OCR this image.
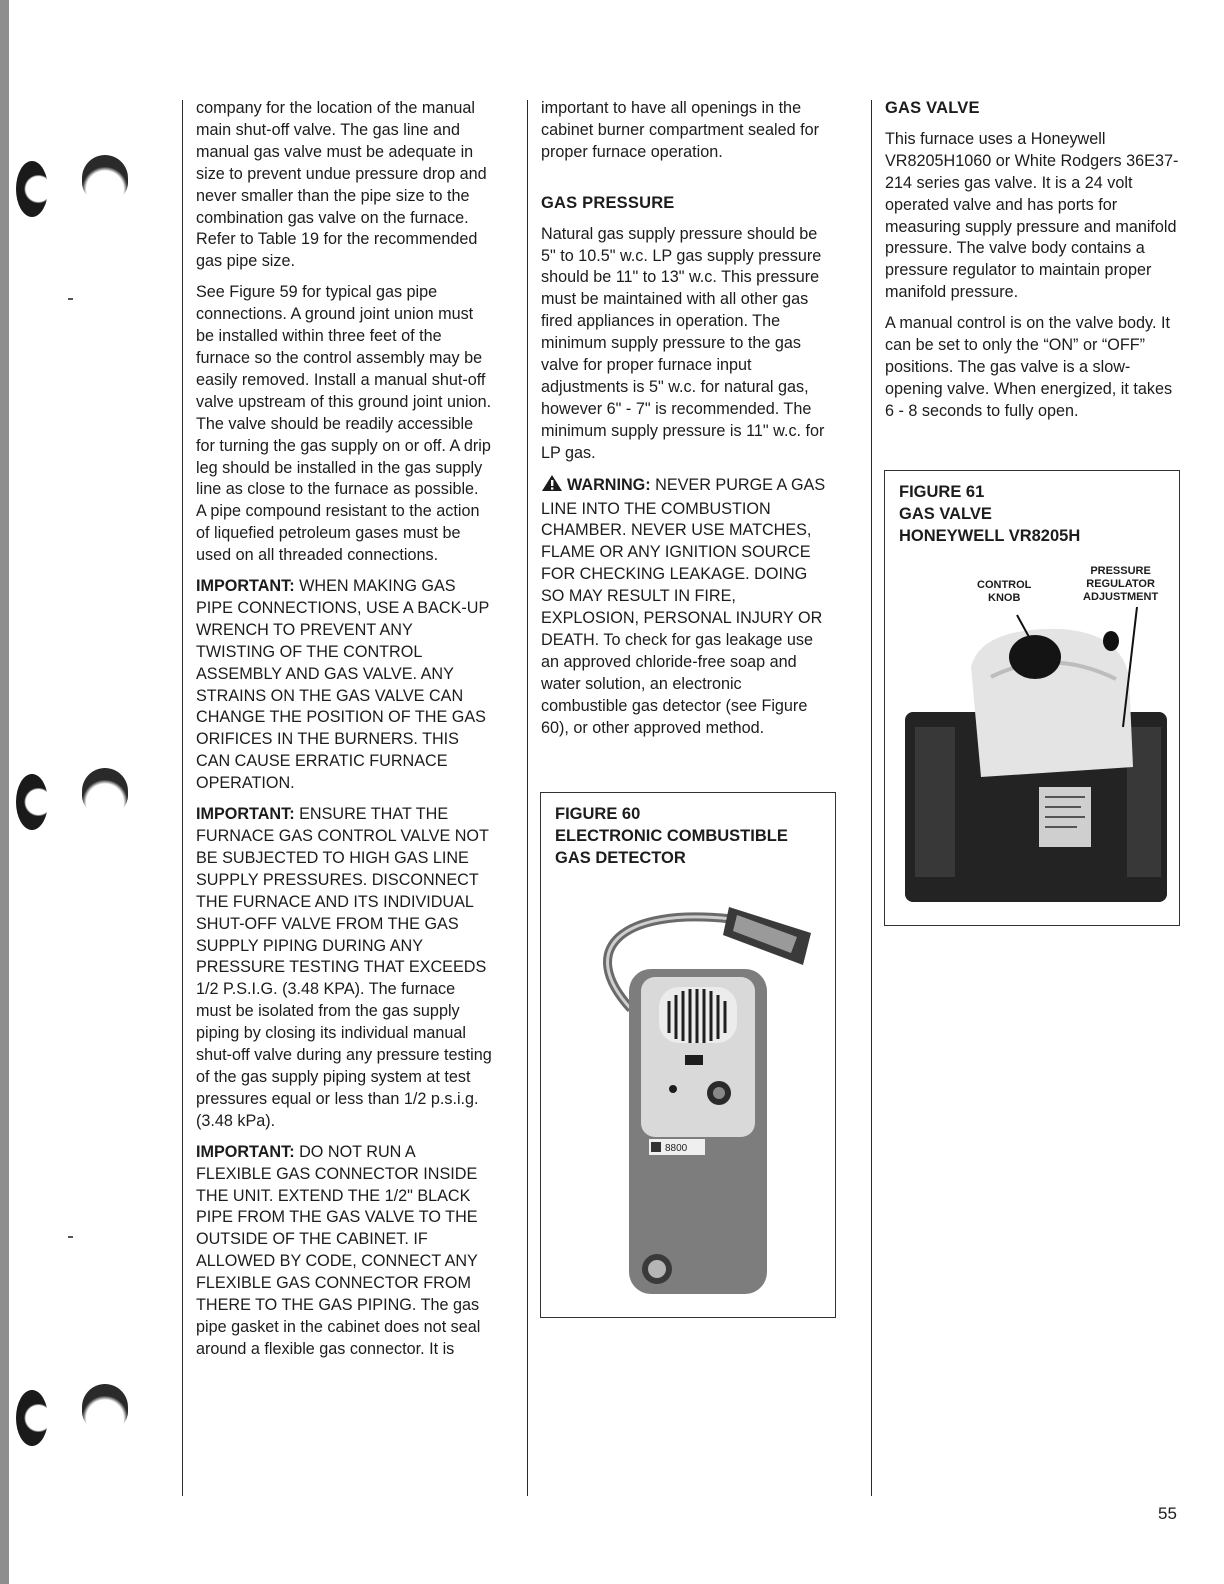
company for the location of the manual main shut-off valve. The gas line and manual gas valve must be adequate in size to prevent undue pressure drop and never smaller than the pipe size to the combination gas valve on the furnace. Refer to Table 19 for the recommended gas pipe size.

See Figure 59 for typical gas pipe connections. A ground joint union must be installed within three feet of the furnace so the control assembly may be easily removed. Install a manual shut-off valve upstream of this ground joint union. The valve should be readily accessible for turning the gas supply on or off. A drip leg should be installed in the gas supply line as close to the furnace as possible. A pipe compound resistant to the action of liquefied petroleum gases must be used on all threaded connections.

IMPORTANT: WHEN MAKING GAS PIPE CONNECTIONS, USE A BACK-UP WRENCH TO PREVENT ANY TWISTING OF THE CONTROL ASSEMBLY AND GAS VALVE. ANY STRAINS ON THE GAS VALVE CAN CHANGE THE POSITION OF THE GAS ORIFICES IN THE BURNERS. THIS CAN CAUSE ERRATIC FURNACE OPERATION.

IMPORTANT: ENSURE THAT THE FURNACE GAS CONTROL VALVE NOT BE SUBJECTED TO HIGH GAS LINE SUPPLY PRESSURES. DISCONNECT THE FURNACE AND ITS INDIVIDUAL SHUT-OFF VALVE FROM THE GAS SUPPLY PIPING DURING ANY PRESSURE TESTING THAT EXCEEDS 1/2 P.S.I.G. (3.48 KPA). The furnace must be isolated from the gas supply piping by closing its individual manual shut-off valve during any pressure testing of the gas supply piping system at test pressures equal or less than 1/2 p.s.i.g. (3.48 kPa).

IMPORTANT: DO NOT RUN A FLEXIBLE GAS CONNECTOR INSIDE THE UNIT. EXTEND THE 1/2" BLACK PIPE FROM THE GAS VALVE TO THE OUTSIDE OF THE CABINET. IF ALLOWED BY CODE, CONNECT ANY FLEXIBLE GAS CONNECTOR FROM THERE TO THE GAS PIPING. The gas pipe gasket in the cabinet does not seal around a flexible gas connector. It is

important to have all openings in the cabinet burner compartment sealed for proper furnace operation.

GAS PRESSURE

Natural gas supply pressure should be 5" to 10.5" w.c. LP gas supply pressure should be 11" to 13" w.c. This pressure must be maintained with all other gas fired appliances in operation. The minimum supply pressure to the gas valve for proper furnace input adjustments is 5" w.c. for natural gas, however 6" - 7" is recommended. The minimum supply pressure is 11" w.c. for LP gas.

WARNING: NEVER PURGE A GAS LINE INTO THE COMBUSTION CHAMBER. NEVER USE MATCHES, FLAME OR ANY IGNITION SOURCE FOR CHECKING LEAKAGE. DOING SO MAY RESULT IN FIRE, EXPLOSION, PERSONAL INJURY OR DEATH. To check for gas leakage use an approved chloride-free soap and water solution, an electronic combustible gas detector (see Figure 60), or other approved method.

GAS VALVE

This furnace uses a Honeywell VR8205H1060 or White Rodgers 36E37-214 series gas valve. It is a 24 volt operated valve and has ports for measuring supply pressure and manifold pressure. The valve body contains a pressure regulator to maintain proper manifold pressure.

A manual control is on the valve body. It can be set to only the “ON” or “OFF” positions. The gas valve is a slow-opening valve. When energized, it takes 6 - 8 seconds to fully open.

FIGURE 60
ELECTRONIC COMBUSTIBLE
GAS DETECTOR
8800
FIGURE 61
GAS VALVE
HONEYWELL VR8205H
CONTROL
KNOB
PRESSURE
REGULATOR
ADJUSTMENT
55
